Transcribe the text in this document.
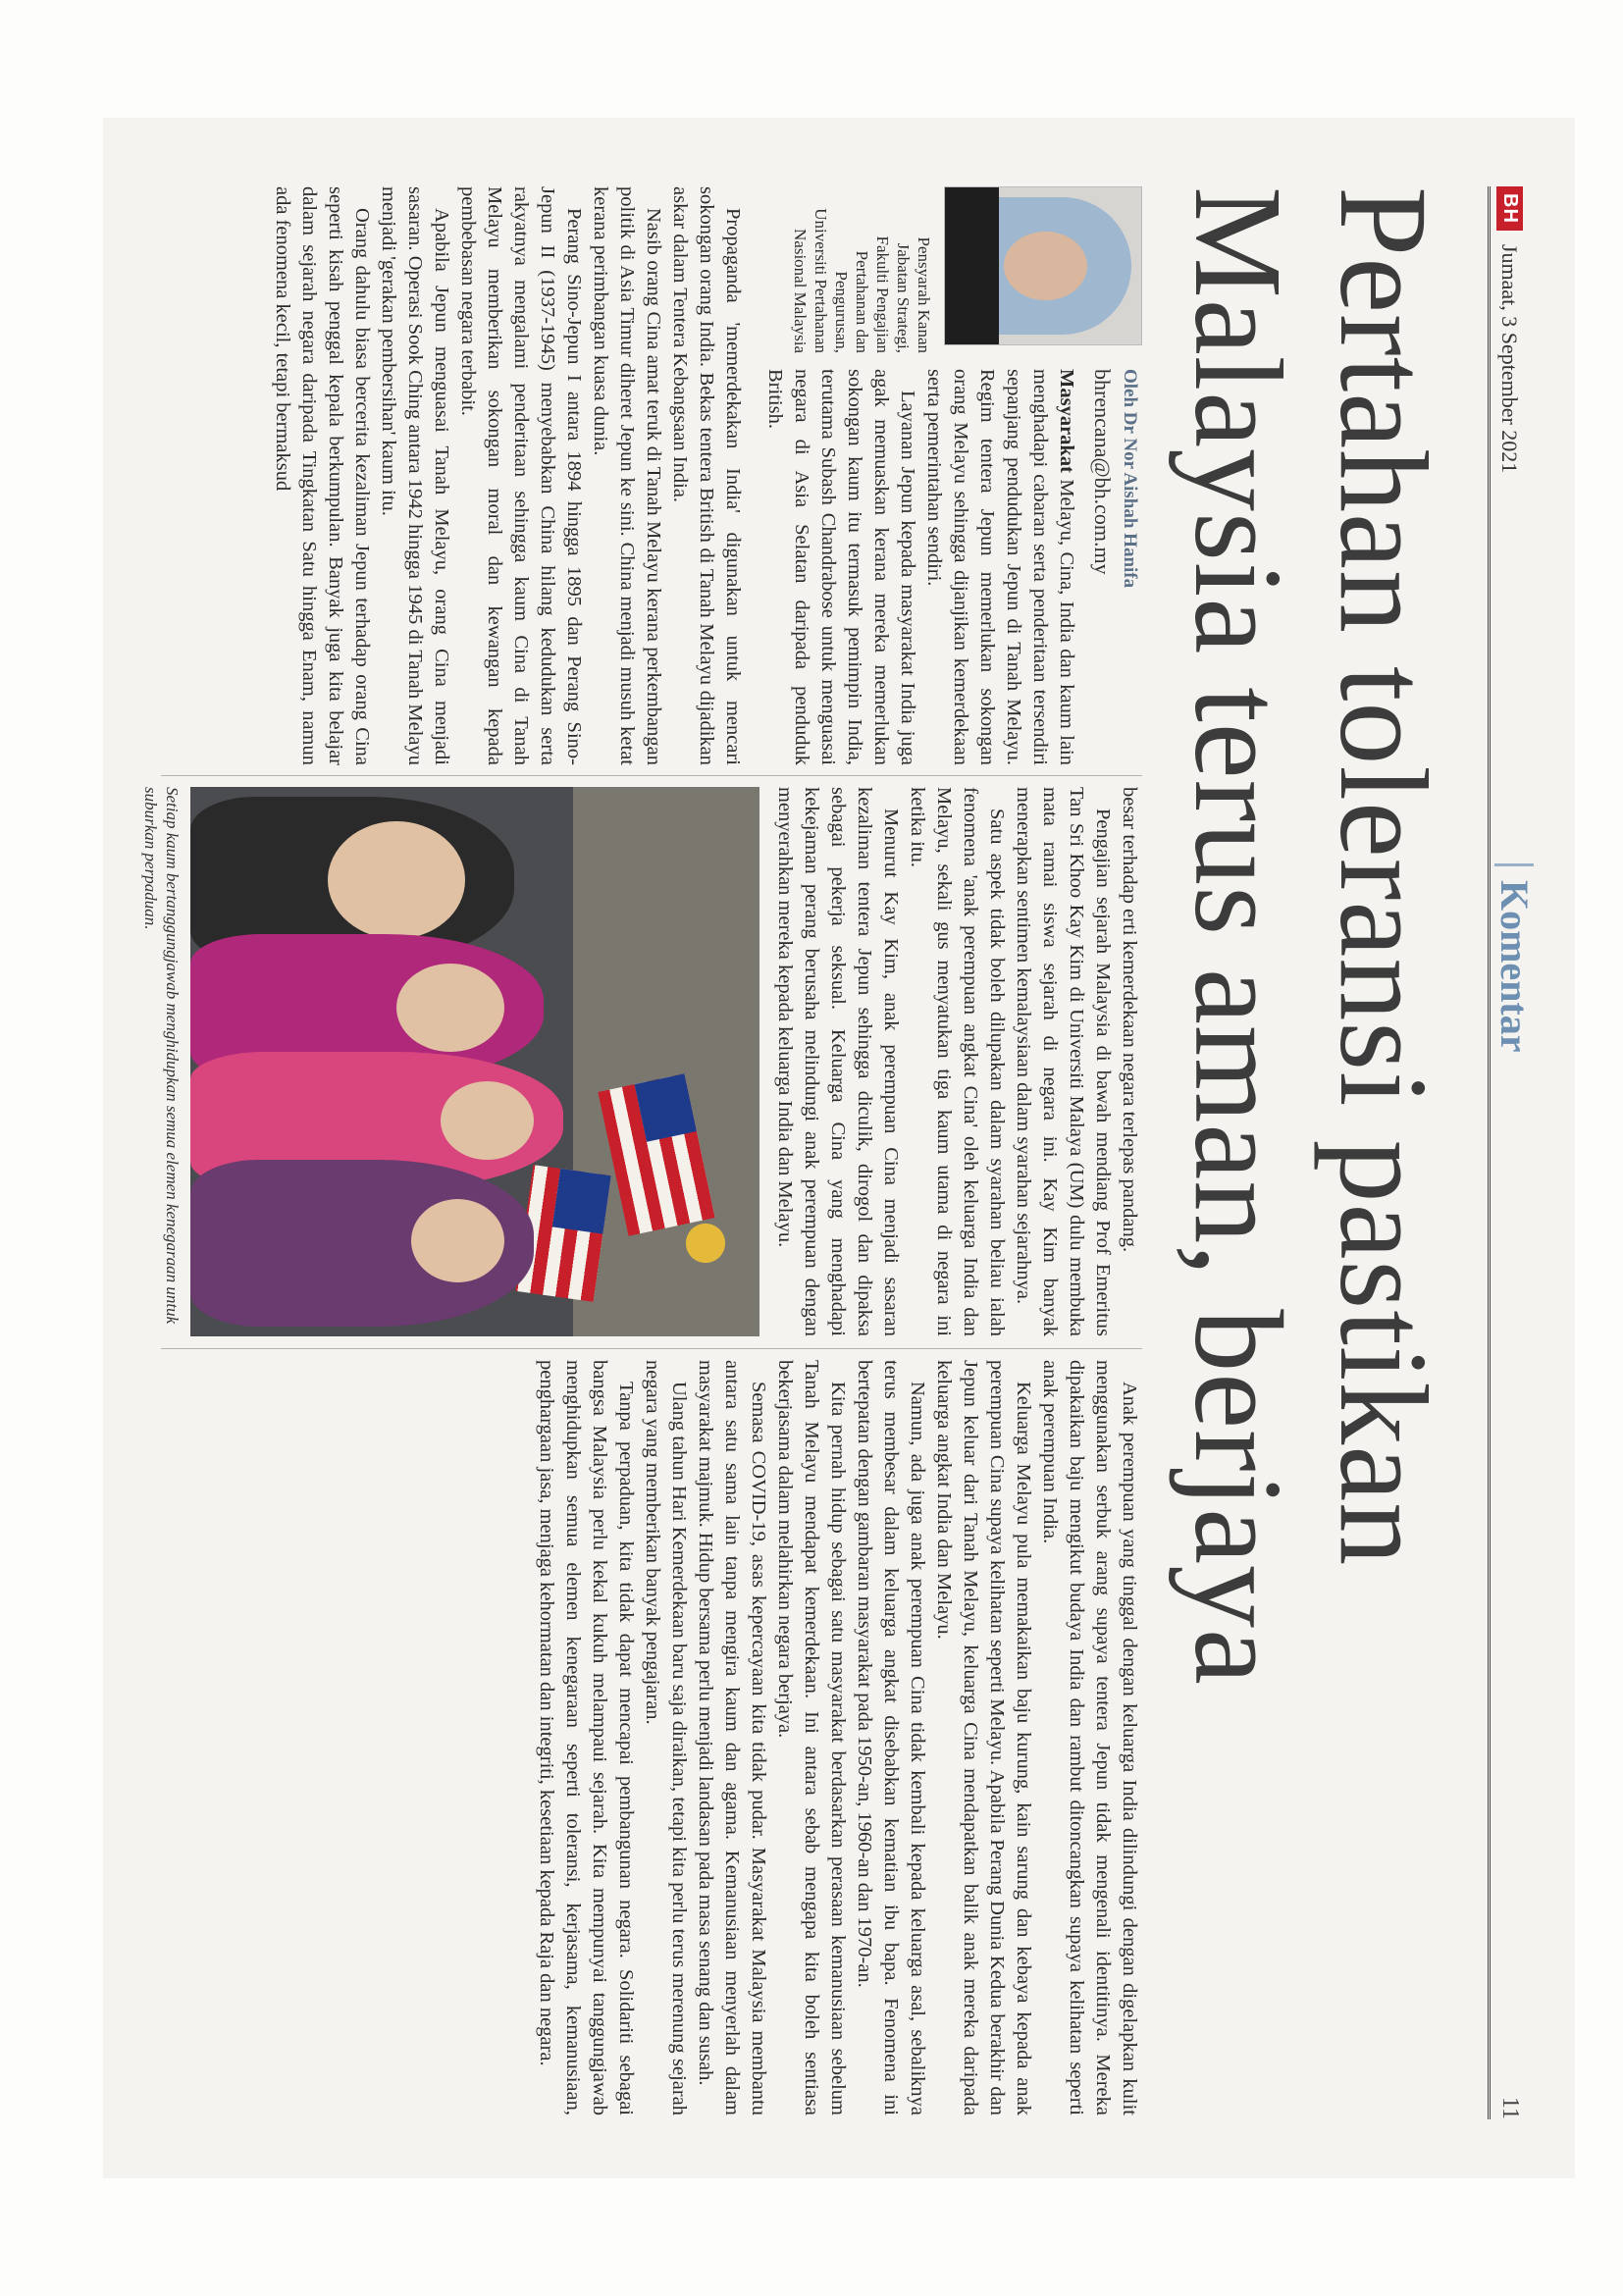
BH
Jumaat, 3 September 2021
Komentar
11
Pertahan toleransi pastikan
Malaysia terus aman, berjaya
Pensyarah Kanan
Jabatan Strategi,
Fakulti Pengajian
Pertahanan dan
Pengurusan,
Universiti Pertahanan
Nasional Malaysia
Oleh Dr Nor Aishah Hanifa
bhrencana@bh.com.my

Masyarakat Melayu, Cina, India dan kaum lain menghadapi cabaran serta penderitaan tersendiri sepanjang pendudukan Jepun di Tanah Melayu. Regim tentera Jepun memerlukan sokongan orang Melayu sehingga dijanjikan kemerdekaan serta pemerintahan sendiri.

Layanan Jepun kepada masyarakat India juga agak memuaskan kerana mereka memerlukan sokongan kaum itu termasuk pemimpin India, terutama Subash Chandrabose untuk menguasai negara di Asia Selatan daripada penduduk British.

Propaganda 'memerdekakan India' digunakan untuk mencari sokongan orang India. Bekas tentera British di Tanah Melayu dijadikan askar dalam Tentera Kebangsaan India.

Nasib orang Cina amat teruk di Tanah Melayu kerana perkembangan politik di Asia Timur diheret Jepun ke sini. China menjadi musuh ketat kerana perimbangan kuasa dunia.

Perang Sino-Jepun I antara 1894 hingga 1895 dan Perang Sino-Jepun II (1937-1945) menyebabkan China hilang kedudukan serta rakyatnya mengalami penderitaan sehingga kaum Cina di Tanah Melayu memberikan sokongan moral dan kewangan kepada pembebasan negara terbabit.

Apabila Jepun menguasai Tanah Melayu, orang Cina menjadi sasaran. Operasi Sook Ching antara 1942 hingga 1945 di Tanah Melayu menjadi 'gerakan pembersihan' kaum itu.

Orang dahulu biasa bercerita kezaliman Jepun terhadap orang Cina seperti kisah penggal kepala berkumpulan. Banyak juga kita belajar dalam sejarah negara daripada Tingkatan Satu hingga Enam, namun ada fenomena kecil, tetapi bermaksud

besar terhadap erti kemerdekaan negara terlepas pandang.

Pengajian sejarah Malaysia di bawah mendiang Prof Emeritus Tan Sri Khoo Kay Kim di Universiti Malaya (UM) dulu membuka mata ramai siswa sejarah di negara ini. Kay Kim banyak menerapkan sentimen kemalaysiaan dalam syarahan sejarahnya.

Satu aspek tidak boleh dilupakan dalam syarahan beliau ialah fenomena 'anak perempuan angkat Cina' oleh keluarga India dan Melayu, sekali gus menyatukan tiga kaum utama di negara ini ketika itu.

Menurut Kay Kim, anak perempuan Cina menjadi sasaran kezaliman tentera Jepun sehingga diculik, dirogol dan dipaksa sebagai pekerja seksual. Keluarga Cina yang menghadapi kekejaman perang berusaha melindungi anak perempuan dengan menyerahkan mereka kepada keluarga India dan Melayu.

Setiap kaum bertanggungjawab menghidupkan semua elemen kenegaraan untuk suburkan perpaduan.

Anak perempuan yang tinggal dengan keluarga India dilindungi dengan digelapkan kulit menggunakan serbuk arang supaya tentera Jepun tidak mengenali identitinya. Mereka dipakaikan baju mengikut budaya India dan rambut ditoncangkan supaya kelihatan seperti anak perempuan India.

Keluarga Melayu pula memakaikan baju kurung, kain sarung dan kebaya kepada anak perempuan Cina supaya kelihatan seperti Melayu. Apabila Perang Dunia Kedua berakhir dan Jepun keluar dari Tanah Melayu, keluarga Cina mendapatkan balik anak mereka daripada keluarga angkat India dan Melayu.

Namun, ada juga anak perempuan Cina tidak kembali kepada keluarga asal, sebaliknya terus membesar dalam keluarga angkat disebabkan kematian ibu bapa. Fenomena ini bertepatan dengan gambaran masyarakat pada 1950-an, 1960-an dan 1970-an.

Kita pernah hidup sebagai satu masyarakat berdasarkan perasaan kemanusiaan sebelum Tanah Melayu mendapat kemerdekaan. Ini antara sebab mengapa kita boleh sentiasa bekerjasama dalam melahirkan negara berjaya.

Semasa COVID-19, asas kepercayaan kita tidak pudar. Masyarakat Malaysia membantu antara satu sama lain tanpa mengira kaum dan agama. Kemanusiaan menyerlah dalam masyarakat majmuk. Hidup bersama perlu menjadi landasan pada masa senang dan susah.

Ulang tahun Hari Kemerdekaan baru saja diraikan, tetapi kita perlu terus merenung sejarah negara yang memberikan banyak pengajaran.

Tanpa perpaduan, kita tidak dapat mencapai pembangunan negara. Solidariti sebagai bangsa Malaysia perlu kekal kukuh melampaui sejarah. Kita mempunyai tanggungjawab menghidupkan semua elemen kenegaraan seperti toleransi, kerjasama, kemanusiaan, penghargaan jasa, menjaga kehormatan dan integriti, kesetiaan kepada Raja dan negara.
